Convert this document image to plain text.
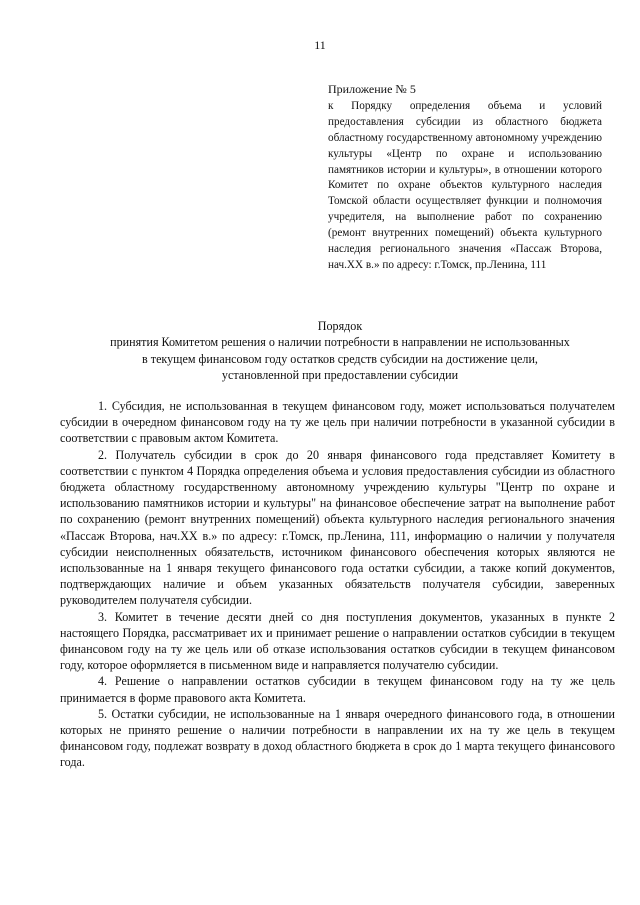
11
Приложение № 5
к Порядку определения объема и условий предоставления субсидии из областного бюджета областному государственному автономному учреждению культуры «Центр по охране и использованию памятников истории и культуры», в отношении которого Комитет по охране объектов культурного наследия Томской области осуществляет функции и полномочия учредителя, на выполнение работ по сохранению (ремонт внутренних помещений) объекта культурного наследия регионального значения «Пассаж Второва, нач.XX в.» по адресу: г.Томск, пр.Ленина, 111
Порядок
принятия Комитетом решения о наличии потребности в направлении не использованных
в текущем финансовом году остатков средств субсидии на достижение цели,
установленной при предоставлении субсидии

1. Субсидия, не использованная в текущем финансовом году, может использоваться получателем субсидии в очередном финансовом году на ту же цель при наличии потребности в указанной субсидии в соответствии с правовым актом Комитета.

2. Получатель субсидии в срок до 20 января финансового года представляет Комитету в соответствии с пунктом 4 Порядка определения объема и условия предоставления субсидии из областного бюджета областному государственному автономному учреждению культуры "Центр по охране и использованию памятников истории и культуры" на финансовое обеспечение затрат на выполнение работ по сохранению (ремонт внутренних помещений) объекта культурного наследия регионального значения «Пассаж Второва, нач.XX в.» по адресу: г.Томск, пр.Ленина, 111, информацию о наличии у получателя субсидии неисполненных обязательств, источником финансового обеспечения которых являются не использованные на 1 января текущего финансового года остатки субсидии, а также копий документов, подтверждающих наличие и объем указанных обязательств получателя субсидии, заверенных руководителем получателя субсидии.

3. Комитет в течение десяти дней со дня поступления документов, указанных в пункте 2 настоящего Порядка, рассматривает их и принимает решение о направлении остатков субсидии в текущем финансовом году на ту же цель или об отказе использования остатков субсидии в текущем финансовом году, которое оформляется в письменном виде и направляется получателю субсидии.

4. Решение о направлении остатков субсидии в текущем финансовом году на ту же цель принимается в форме правового акта Комитета.

5. Остатки субсидии, не использованные на 1 января очередного финансового года, в отношении которых не принято решение о наличии потребности в направлении их на ту же цель в текущем финансовом году, подлежат возврату в доход областного бюджета в срок до 1 марта текущего финансового года.
